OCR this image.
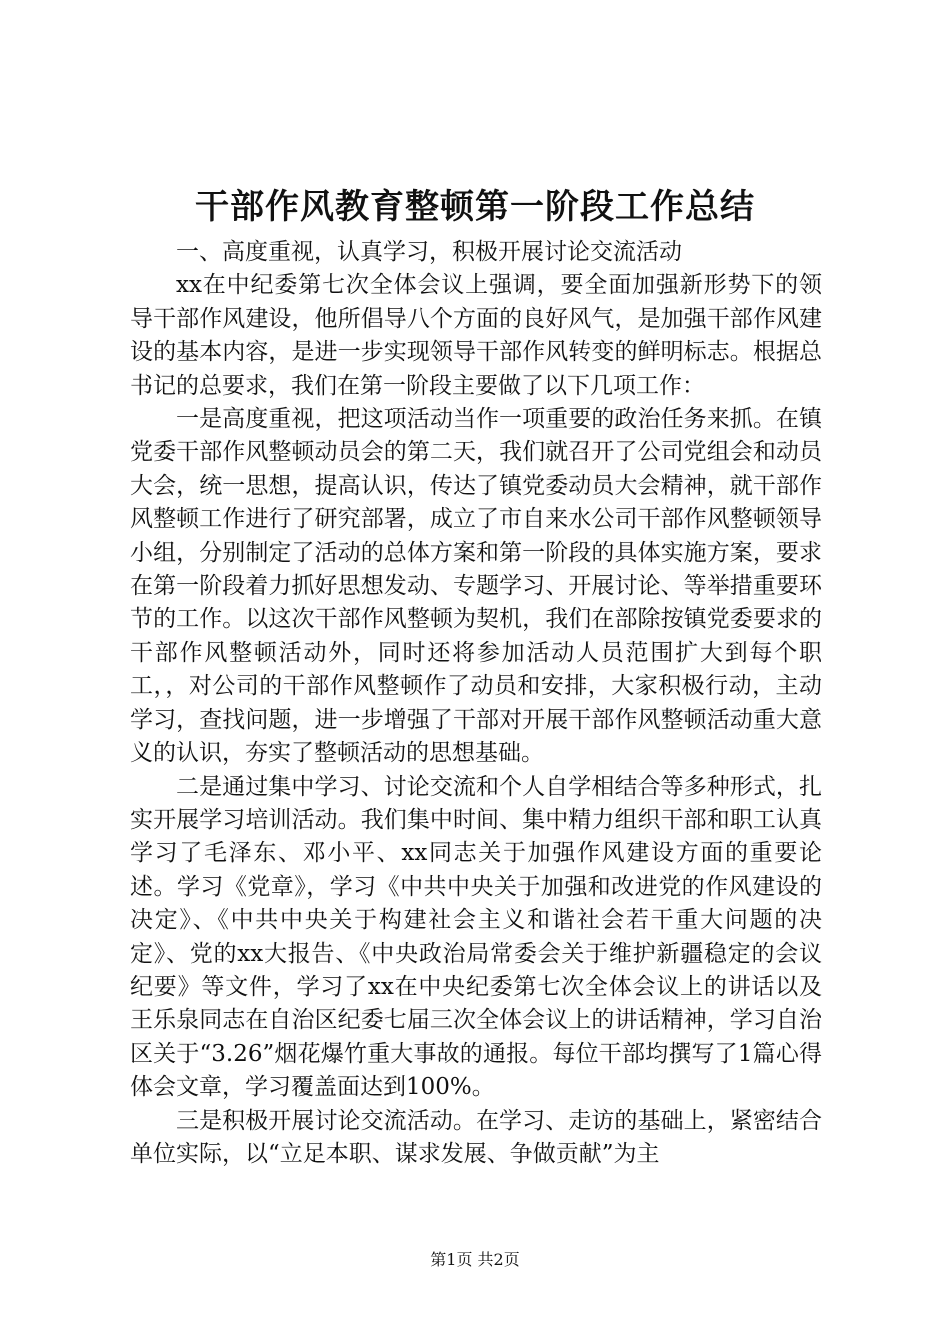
干部作风教育整顿第一阶段工作总结

一、高度重视，认真学习，积极开展讨论交流活动

xx在中纪委第七次全体会议上强调，要全面加强新形势下的领导干部作风建设，他所倡导八个方面的良好风气，是加强干部作风建设的基本内容，是进一步实现领导干部作风转变的鲜明标志。根据总书记的总要求，我们在第一阶段主要做了以下几项工作：

一是高度重视，把这项活动当作一项重要的政治任务来抓。在镇党委干部作风整顿动员会的第二天，我们就召开了公司党组会和动员大会，统一思想，提高认识，传达了镇党委动员大会精神，就干部作风整顿工作进行了研究部署，成立了市自来水公司干部作风整顿领导小组，分别制定了活动的总体方案和第一阶段的具体实施方案，要求在第一阶段着力抓好思想发动、专题学习、开展讨论、等举措重要环节的工作。以这次干部作风整顿为契机，我们在部除按镇党委要求的干部作风整顿活动外，同时还将参加活动人员范围扩大到每个职工，，对公司的干部作风整顿作了动员和安排，大家积极行动，主动学习，查找问题，进一步增强了干部对开展干部作风整顿活动重大意义的认识，夯实了整顿活动的思想基础。

二是通过集中学习、讨论交流和个人自学相结合等多种形式，扎实开展学习培训活动。我们集中时间、集中精力组织干部和职工认真学习了毛泽东、邓小平、xx同志关于加强作风建设方面的重要论述。学习《党章》，学习《中共中央关于加强和改进党的作风建设的决定》、《中共中央关于构建社会主义和谐社会若干重大问题的决定》、党的xx大报告、《中央政治局常委会关于维护新疆稳定的会议纪要》等文件，学习了xx在中央纪委第七次全体会议上的讲话以及王乐泉同志在自治区纪委七届三次全体会议上的讲话精神，学习自治区关于“3.26”烟花爆竹重大事故的通报。每位干部均撰写了1篇心得体会文章，学习覆盖面达到100%。

三是积极开展讨论交流活动。在学习、走访的基础上，紧密结合单位实际，以“立足本职、谋求发展、争做贡献”为主

第1页 共2页
